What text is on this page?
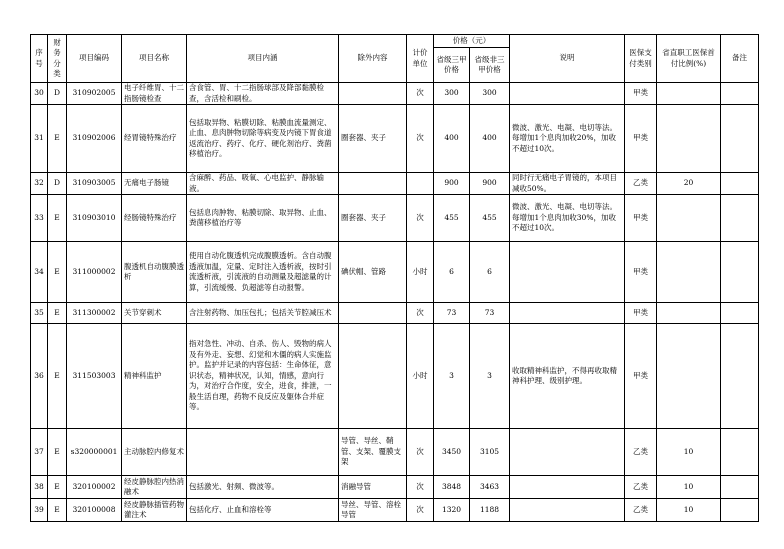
序号	财务分类	项目编码	项目名称	项目内涵	除外内容	计价单位	价格（元）		说明	医保支付类别	省直职工医保首付比例(%)	备注
							省级三甲价格	省级非三甲价格				
30	D	310902005	电子纤维胃、十二指肠镜检查	含食管、胃、十二指肠球部及降部黏膜检查，含活检和刷检。		次	300	300		甲类		
31	E	310902006	经胃镜特殊治疗	包括取异物、粘膜切除、粘膜血流量测定、止血、息肉肿物切除等病变及内镜下胃食道返流治疗、药疗、化疗、硬化剂治疗、粪菌移植治疗。	圈套器、夹子	次	400	400	微波、激光、电凝、电切等法。每增加1个息肉加收20%，加收不超过10次。	甲类		
32	D	310903005	无痛电子肠镜	含麻醉、药品、吸氧、心电监护、静脉输液。			900	900	同时行无痛电子胃镜的，本项目减收50%。	乙类	20	
33	E	310903010	经肠镜特殊治疗	包括息肉肿物、粘膜切除、取异物、止血、粪菌移植治疗等	圈套器、夹子	次	455	455	微波、激光、电凝、电切等法。每增加1个息肉加收30%，加收不超过10次。	甲类		
34	E	311000002	腹透机自动腹膜透析	使用自动化腹透机完成腹膜透析。含自动腹透液加温，定量、定时注入透析液，按时引流透析液，引流液的自动测量及超滤量的计算，引流缓慢、负超滤等自动报警。	碘伏帽、管路	小时	6	6		甲类		
35	E	311300002	关节穿刺术	含注射药物、加压包扎；包括关节腔减压术		次	73	73		甲类		
36	E	311503003	精神科监护	指对急性、冲动、自杀、伤人、毁物的病人及有外走、妄想、幻觉和木僵的病人实施监护。监护并记录的内容包括：生命体征，意识状态，精神状况，认知，情感，意向行为，对治疗合作度，安全，进食，排泄，一般生活自理，药物不良反应及躯体合并症等。		小时	3	3	收取精神科监护，不得再收取精神科护理、级别护理。	甲类		
37	E	s320000001	主动脉腔内修复术		导管、导丝、鞘管、支架、覆膜支架	次	3450	3105		乙类	10	
38	E	320100002	经皮静脉腔内热消融术	包括激光、射频、微波等。	消融导管	次	3848	3463		乙类	10	
39	E	320100008	经皮静脉插管药物灌注术	包括化疗、止血和溶栓等	导丝、导管、溶栓导管	次	1320	1188		乙类	10	
